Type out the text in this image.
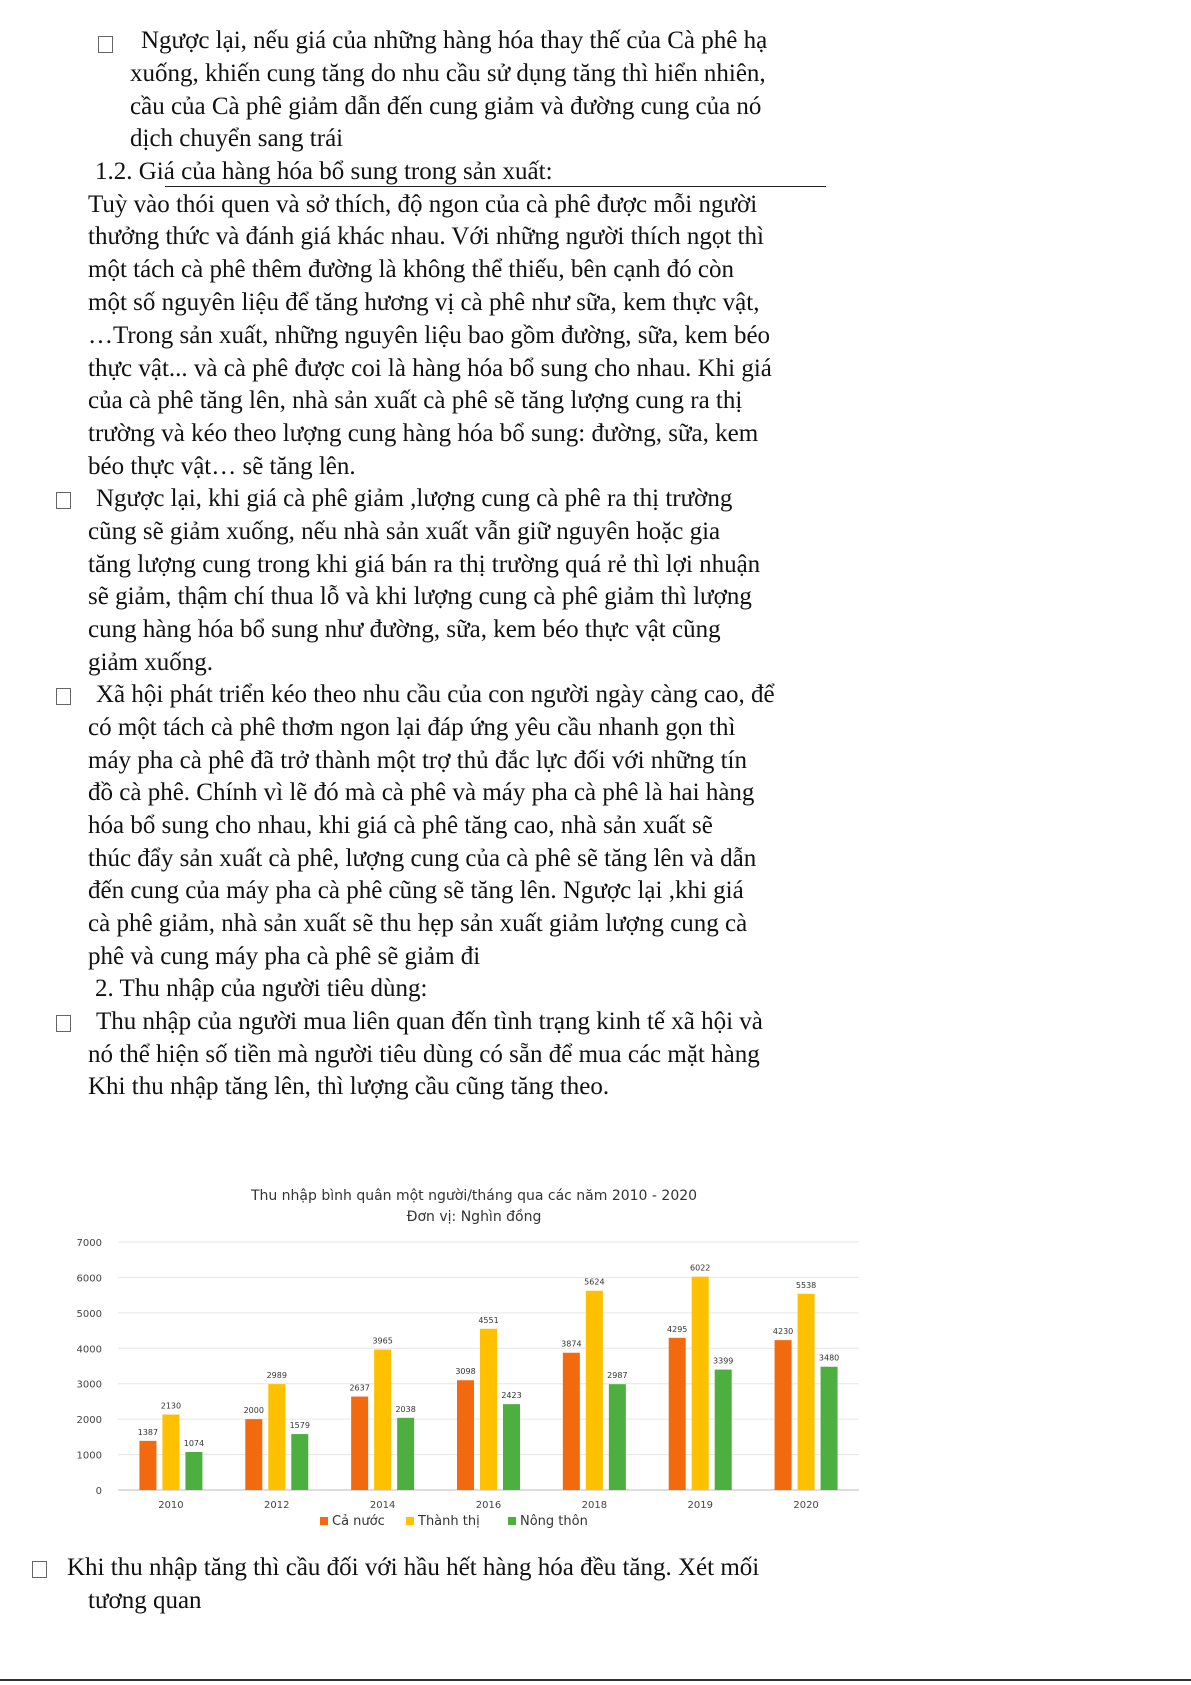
Ngược lại, nếu giá của những hàng hóa thay thế của Cà phê hạ
xuống, khiến cung tăng do nhu cầu sử dụng tăng thì hiển nhiên,
cầu của Cà phê giảm dẫn đến cung giảm và đường cung của nó
dịch chuyển sang trái
1.2. Giá của hàng hóa bổ sung trong sản xuất:
Tuỳ vào thói quen và sở thích, độ ngon của cà phê được mỗi người
thưởng thức và đánh giá khác nhau. Với những người thích ngọt thì
một tách cà phê thêm đường là không thể thiếu, bên cạnh đó còn
một số nguyên liệu để tăng hương vị cà phê như sữa, kem thực vật,
…Trong sản xuất, những nguyên liệu bao gồm đường, sữa, kem béo
thực vật... và cà phê được coi là hàng hóa bổ sung cho nhau. Khi giá
của cà phê tăng lên, nhà sản xuất cà phê sẽ tăng lượng cung ra thị
trường và kéo theo lượng cung hàng hóa bổ sung: đường, sữa, kem
béo thực vật… sẽ tăng lên.
Ngược lại, khi giá cà phê giảm ,lượng cung cà phê ra thị trường
cũng sẽ giảm xuống, nếu nhà sản xuất vẫn giữ nguyên hoặc gia
tăng lượng cung trong khi giá bán ra thị trường quá rẻ thì lợi nhuận
sẽ giảm, thậm chí thua lỗ và khi lượng cung cà phê giảm thì lượng
cung hàng hóa bổ sung như đường, sữa, kem béo thực vật cũng
giảm xuống.
Xã hội phát triển kéo theo nhu cầu của con người ngày càng cao, để
có một tách cà phê thơm ngon lại đáp ứng yêu cầu nhanh gọn thì
máy pha cà phê đã trở thành một trợ thủ đắc lực đối với những tín
đồ cà phê. Chính vì lẽ đó mà cà phê và máy pha cà phê là hai hàng
hóa bổ sung cho nhau, khi giá cà phê tăng cao, nhà sản xuất sẽ
thúc đẩy sản xuất cà phê, lượng cung của cà phê sẽ tăng lên và dẫn
đến cung của máy pha cà phê cũng sẽ tăng lên. Ngược lại ,khi giá
cà phê giảm, nhà sản xuất sẽ thu hẹp sản xuất giảm lượng cung cà
phê và cung máy pha cà phê sẽ giảm đi
2. Thu nhập của người tiêu dùng:
Thu nhập của người mua liên quan đến tình trạng kinh tế xã hội và
nó thể hiện số tiền mà người tiêu dùng có sẵn để mua các mặt hàng
Khi thu nhập tăng lên, thì lượng cầu cũng tăng theo.
Thu nhập bình quân một người/tháng qua các năm 2010 - 2020
Đơn vị: Nghìn đồng
0
1000
2000
3000
4000
5000
6000
7000
2010
1387
2130
1074
2012
2000
2989
1579
2014
2637
3965
2038
2016
3098
4551
2423
2018
3874
5624
2987
2019
4295
6022
3399
2020
4230
5538
3480
Cả nước	Thành thị	Nông thôn
Khi thu nhập tăng thì cầu đối với hầu hết hàng hóa đều tăng. Xét mối
tương quan
